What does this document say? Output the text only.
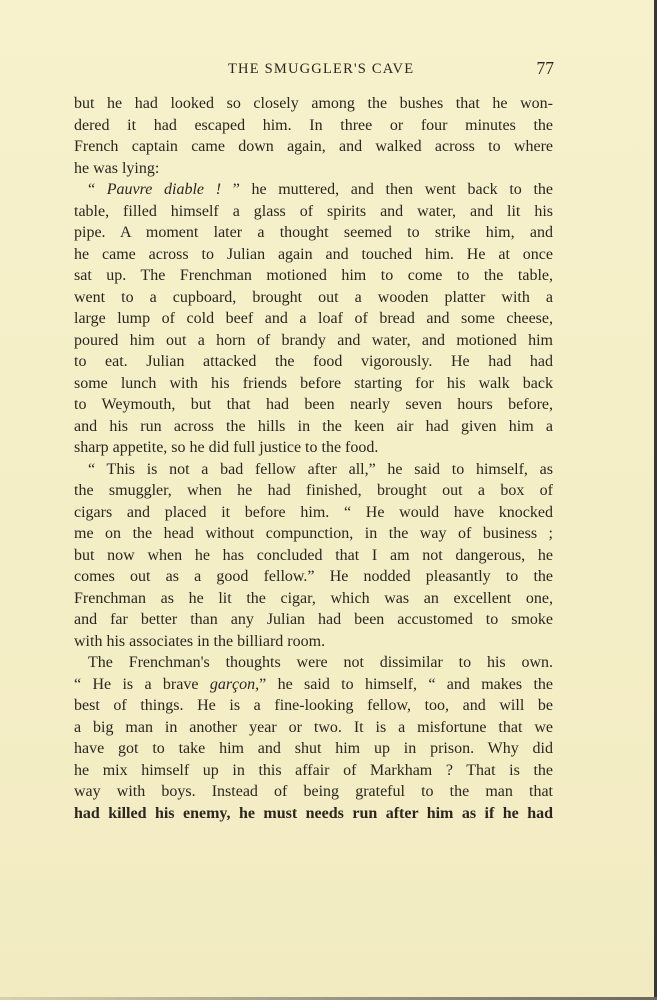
THE SMUGGLER'S CAVE	77
but he had looked so closely among the bushes that he won-
dered it had escaped him. In three or four minutes the
French captain came down again, and walked across to where
he was lying:
“ Pauvre diable ! ” he muttered, and then went back to the
table, filled himself a glass of spirits and water, and lit his
pipe. A moment later a thought seemed to strike him, and
he came across to Julian again and touched him. He at once
sat up. The Frenchman motioned him to come to the table,
went to a cupboard, brought out a wooden platter with a
large lump of cold beef and a loaf of bread and some cheese,
poured him out a horn of brandy and water, and motioned him
to eat. Julian attacked the food vigorously. He had had
some lunch with his friends before starting for his walk back
to Weymouth, but that had been nearly seven hours before,
and his run across the hills in the keen air had given him a
sharp appetite, so he did full justice to the food.
“ This is not a bad fellow after all,” he said to himself, as
the smuggler, when he had finished, brought out a box of
cigars and placed it before him. “ He would have knocked
me on the head without compunction, in the way of business ;
but now when he has concluded that I am not dangerous, he
comes out as a good fellow.” He nodded pleasantly to the
Frenchman as he lit the cigar, which was an excellent one,
and far better than any Julian had been accustomed to smoke
with his associates in the billiard room.
The Frenchman's thoughts were not dissimilar to his own.
“ He is a brave garçon,” he said to himself, “ and makes the
best of things. He is a fine-looking fellow, too, and will be
a big man in another year or two. It is a misfortune that we
have got to take him and shut him up in prison. Why did
he mix himself up in this affair of Markham ? That is the
way with boys. Instead of being grateful to the man that
had killed his enemy, he must needs run after him as if he had
